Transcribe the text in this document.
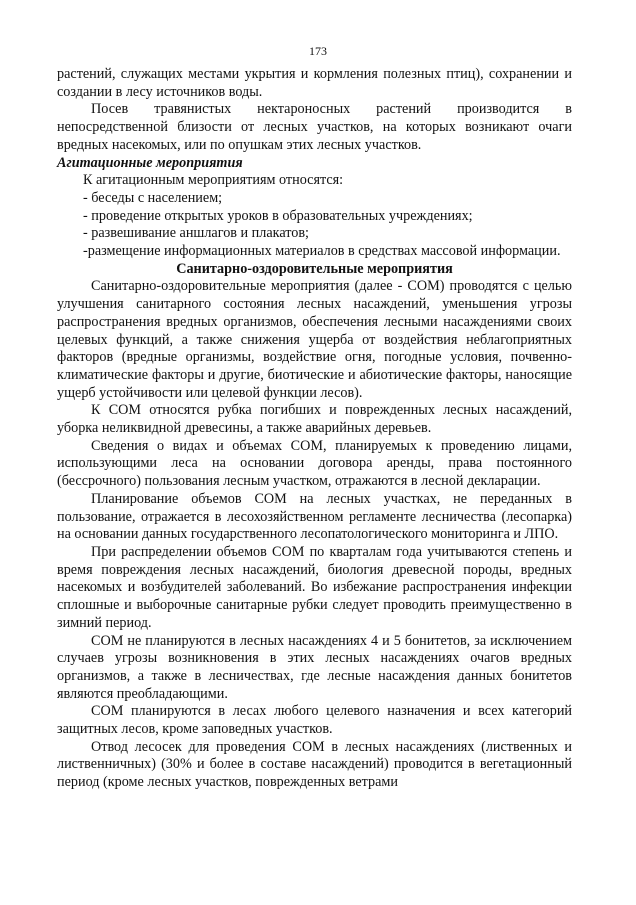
173

растений, служащих местами укрытия и кормления полезных птиц), сохранении и создании в лесу источников воды.

Посев травянистых нектароносных растений производится в непосредственной близости от лесных участков, на которых возникают очаги вредных насекомых, или по опушкам этих лесных участков.

Агитационные мероприятия

К агитационным мероприятиям относятся:

- беседы с населением;

- проведение открытых уроков в образовательных учреждениях;

- развешивание аншлагов и плакатов;

-размещение информационных материалов в средствах массовой информации.

Санитарно-оздоровительные мероприятия

Санитарно-оздоровительные мероприятия (далее - СОМ) проводятся с целью улучшения санитарного состояния лесных насаждений, уменьшения угрозы распространения вредных организмов, обеспечения лесными насаждениями своих целевых функций, а также снижения ущерба от воздействия неблагоприятных факторов (вредные организмы, воздействие огня, погодные условия, почвенно-климатические факторы и другие, биотические и абиотические факторы, наносящие ущерб устойчивости или целевой функции лесов).

К СОМ относятся рубка погибших и поврежденных лесных насаждений, уборка неликвидной древесины, а также аварийных деревьев.

Сведения о видах и объемах СОМ, планируемых к проведению лицами, использующими леса на основании договора аренды, права постоянного (бессрочного) пользования лесным участком, отражаются в лесной декларации.

Планирование объемов СОМ на лесных участках, не переданных в пользование, отражается в лесохозяйственном регламенте лесничества (лесопарка) на основании данных государственного лесопатологического мониторинга и ЛПО.

При распределении объемов СОМ по кварталам года учитываются степень и время повреждения лесных насаждений, биология древесной породы, вредных насекомых и возбудителей заболеваний. Во избежание распространения инфекции сплошные и выборочные санитарные рубки следует проводить преимущественно в зимний период.

СОМ не планируются в лесных насаждениях 4 и 5 бонитетов, за исключением случаев угрозы возникновения в этих лесных насаждениях очагов вредных организмов, а также в лесничествах, где лесные насаждения данных бонитетов являются преобладающими.

СОМ планируются в лесах любого целевого назначения и всех категорий защитных лесов, кроме заповедных участков.

Отвод лесосек для проведения СОМ в лесных насаждениях (лиственных и лиственничных) (30% и более в составе насаждений) проводится в вегетационный период (кроме лесных участков, поврежденных ветрами
